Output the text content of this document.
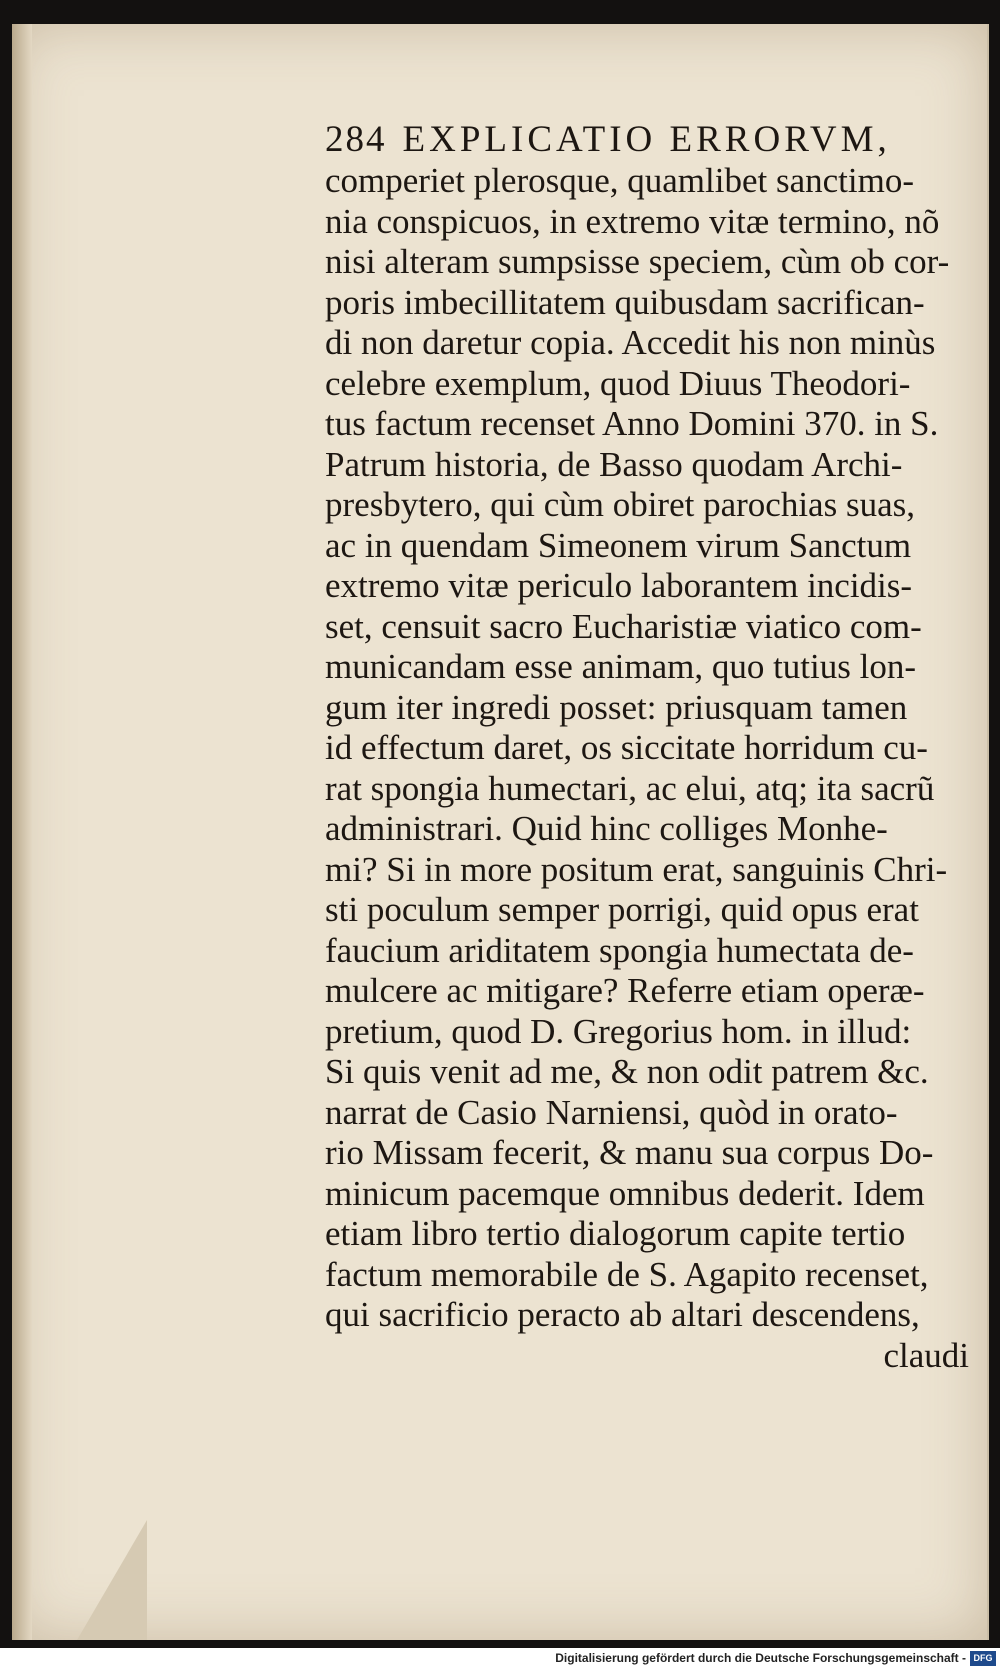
284 EXPLICATIO ERRORVM,
comperiet plerosque, quamlibet sanctimo-
nia conspicuos, in extremo vitæ termino, nõ
nisi alteram sumpsisse speciem, cùm ob cor-
poris imbecillitatem quibusdam sacrifican-
di non daretur copia. Accedit his non minùs
celebre exemplum, quod Diuus Theodori-
tus factum recenset Anno Domini 370. in S.
Patrum historia, de Basso quodam Archi-
presbytero, qui cùm obiret parochias suas,
ac in quendam Simeonem virum Sanctum
extremo vitæ periculo laborantem incidis-
set, censuit sacro Eucharistiæ viatico com-
municandam esse animam, quo tutius lon-
gum iter ingredi posset: priusquam tamen
id effectum daret, os siccitate horridum cu-
rat spongia humectari, ac elui, atq; ita sacrũ
administrari. Quid hinc colliges Monhe-
mi? Si in more positum erat, sanguinis Chri-
sti poculum semper porrigi, quid opus erat
faucium ariditatem spongia humectata de-
mulcere ac mitigare? Referre etiam operæ-
pretium, quod D. Gregorius hom. in illud:
Si quis venit ad me, & non odit patrem &c.
narrat de Casio Narniensi, quòd in orato-
rio Missam fecerit, & manu sua corpus Do-
minicum pacemque omnibus dederit. Idem
etiam libro tertio dialogorum capite tertio
factum memorabile de S. Agapito recenset,
qui sacrificio peracto ab altari descendens,
claudi
Digitalisierung gefördert durch die Deutsche Forschungsgemeinschaft - DFG
